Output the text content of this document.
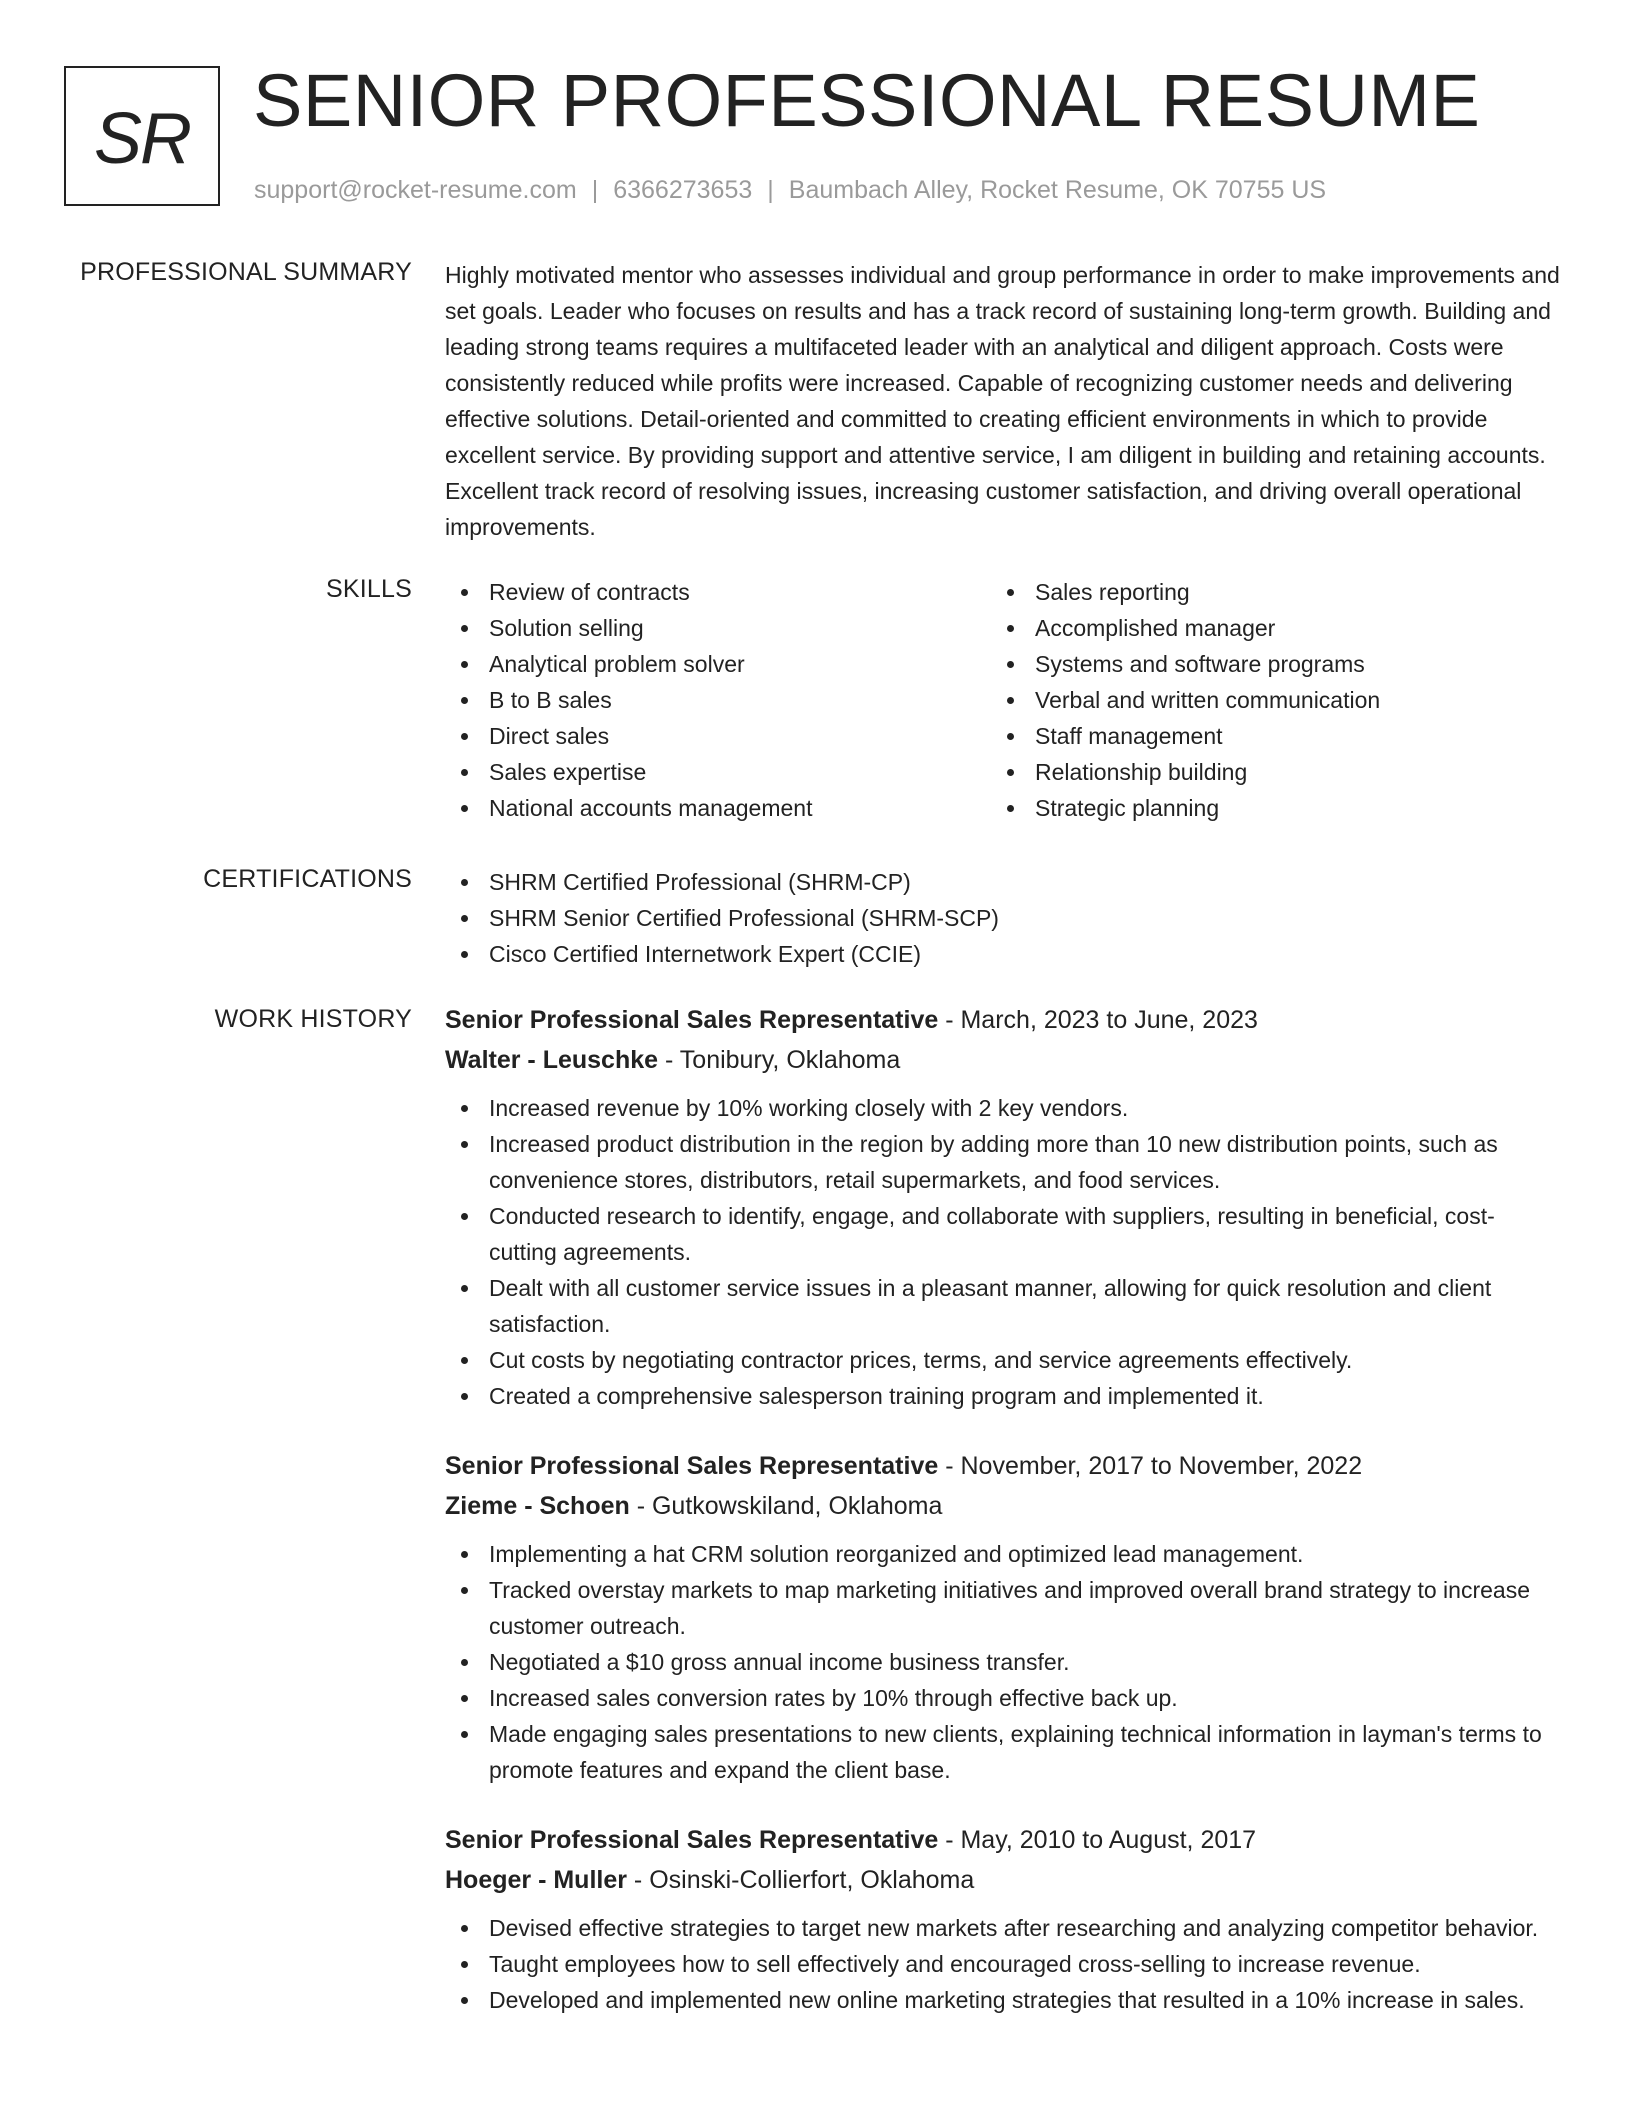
SR SENIOR PROFESSIONAL RESUME
support@rocket-resume.com | 6366273653 | Baumbach Alley, Rocket Resume, OK 70755 US
PROFESSIONAL SUMMARY Highly motivated mentor who assesses individual and group performance in order to make improvements and set goals. Leader who focuses on results and has a track record of sustaining long-term growth. Building and leading strong teams requires a multifaceted leader with an analytical and diligent approach. Costs were consistently reduced while profits were increased. Capable of recognizing customer needs and delivering effective solutions. Detail-oriented and committed to creating efficient environments in which to provide excellent service. By providing support and attentive service, I am diligent in building and retaining accounts. Excellent track record of resolving issues, increasing customer satisfaction, and driving overall operational improvements.

SKILLS	Review of contracts
Solution selling
Analytical problem solver
B to B sales
Direct sales
Sales expertise
National accounts management
Sales reporting
Accomplished manager
Systems and software programs
Verbal and written communication
Staff management
Relationship building
Strategic planning
CERTIFICATIONS	SHRM Certified Professional (SHRM-CP)
SHRM Senior Certified Professional (SHRM-SCP)
Cisco Certified Internetwork Expert (CCIE)
WORK HISTORY Senior Professional Sales Representative - March, 2023 to June, 2023
Walter - Leuschke - Tonibury, Oklahoma
Increased revenue by 10% working closely with 2 key vendors.
Increased product distribution in the region by adding more than 10 new distribution points, such as convenience stores, distributors, retail supermarkets, and food services.
Conducted research to identify, engage, and collaborate with suppliers, resulting in beneficial, cost-cutting agreements.
Dealt with all customer service issues in a pleasant manner, allowing for quick resolution and client satisfaction.
Cut costs by negotiating contractor prices, terms, and service agreements effectively.
Created a comprehensive salesperson training program and implemented it.
Senior Professional Sales Representative - November, 2017 to November, 2022
Zieme - Schoen - Gutkowskiland, Oklahoma
Implementing a hat CRM solution reorganized and optimized lead management.
Tracked overstay markets to map marketing initiatives and improved overall brand strategy to increase customer outreach.
Negotiated a $10 gross annual income business transfer.
Increased sales conversion rates by 10% through effective back up.
Made engaging sales presentations to new clients, explaining technical information in layman's terms to promote features and expand the client base.
Senior Professional Sales Representative - May, 2010 to August, 2017
Hoeger - Muller - Osinski-Collierfort, Oklahoma
Devised effective strategies to target new markets after researching and analyzing competitor behavior.
Taught employees how to sell effectively and encouraged cross-selling to increase revenue.
Developed and implemented new online marketing strategies that resulted in a 10% increase in sales.
